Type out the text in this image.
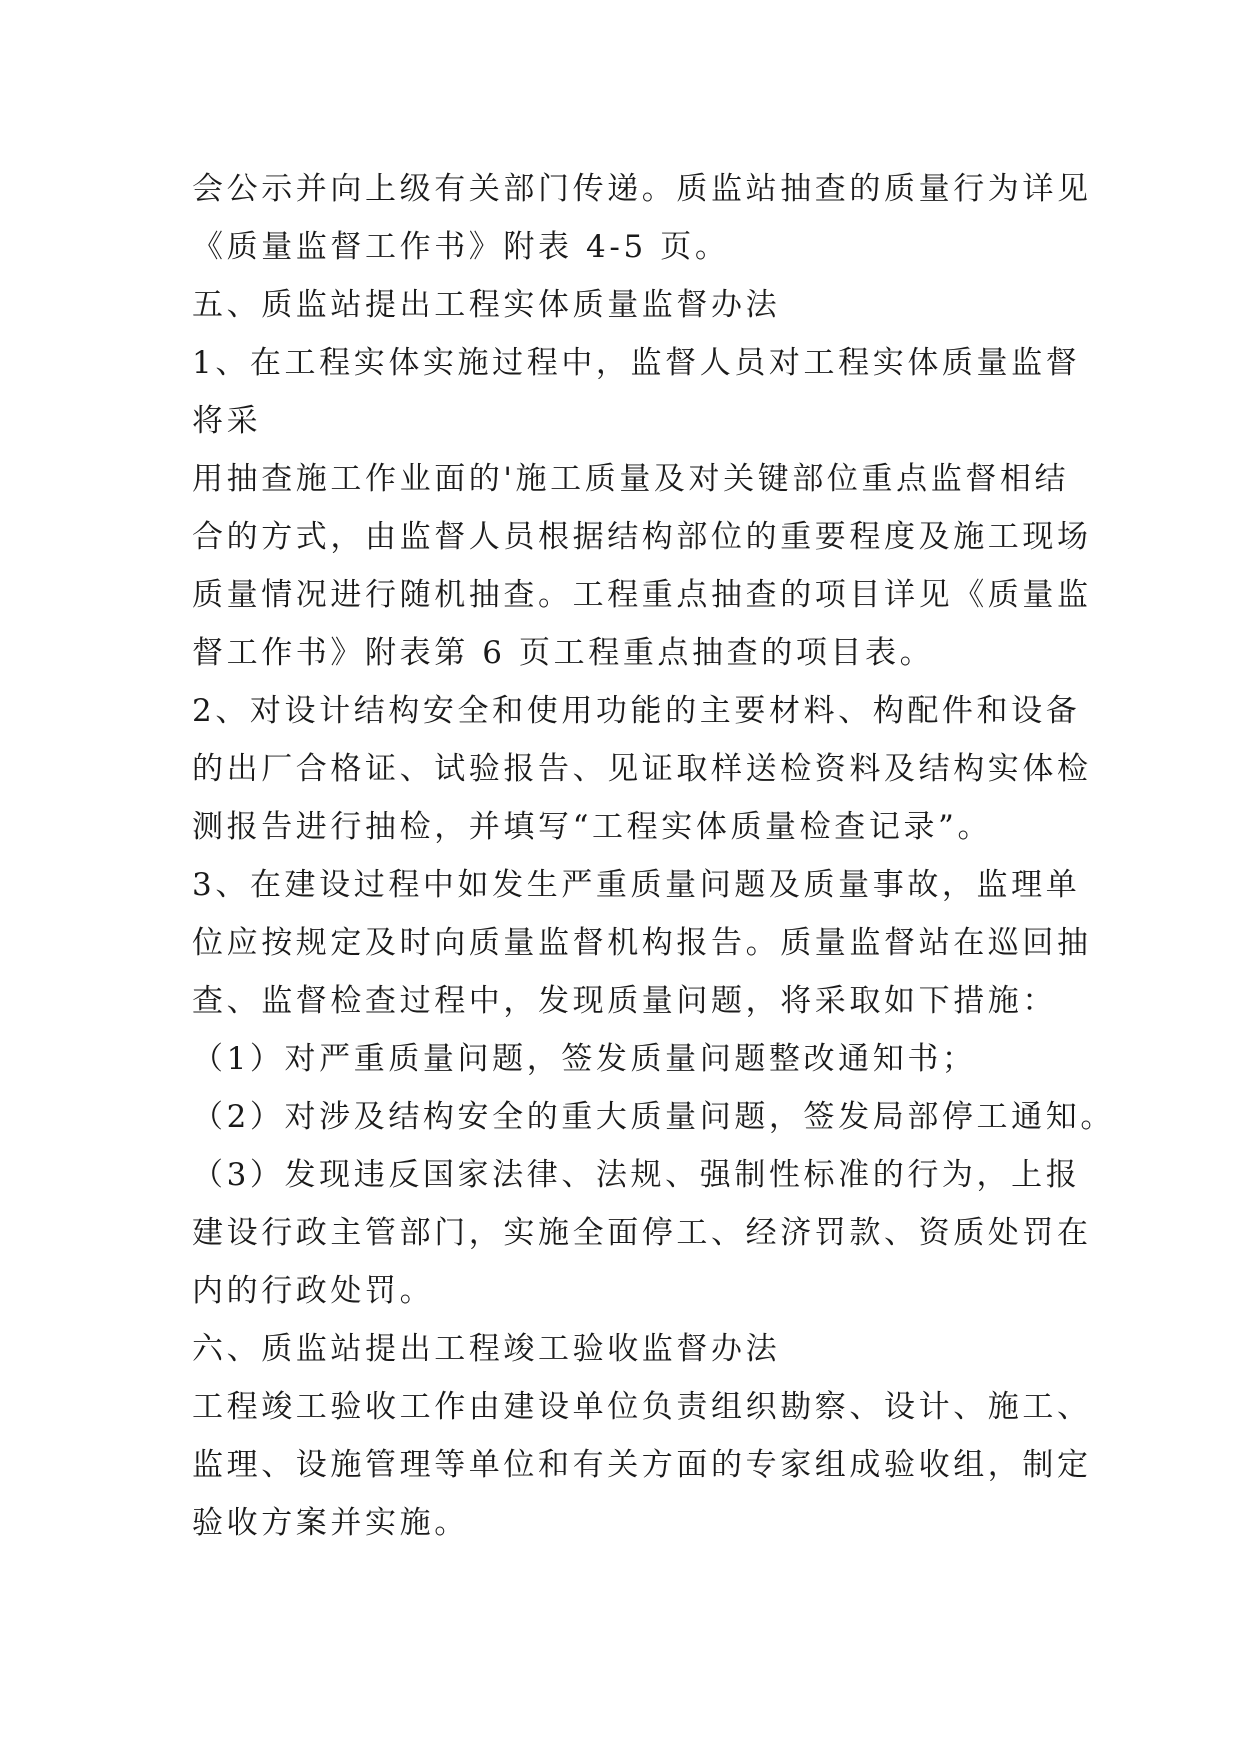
会公示并向上级有关部门传递。质监站抽查的质量行为详见
《质量监督工作书》附表 4-5 页。
五、质监站提出工程实体质量监督办法
1、在工程实体实施过程中，监督人员对工程实体质量监督
将采
用抽查施工作业面的'施工质量及对关键部位重点监督相结
合的方式，由监督人员根据结构部位的重要程度及施工现场
质量情况进行随机抽查。工程重点抽查的项目详见《质量监
督工作书》附表第 6 页工程重点抽查的项目表。
2、对设计结构安全和使用功能的主要材料、构配件和设备
的出厂合格证、试验报告、见证取样送检资料及结构实体检
测报告进行抽检，并填写“工程实体质量检查记录”。
3、在建设过程中如发生严重质量问题及质量事故，监理单
位应按规定及时向质量监督机构报告。质量监督站在巡回抽
查、监督检查过程中，发现质量问题，将采取如下措施：
（1）对严重质量问题，签发质量问题整改通知书；
（2）对涉及结构安全的重大质量问题，签发局部停工通知。
（3）发现违反国家法律、法规、强制性标准的行为，上报
建设行政主管部门，实施全面停工、经济罚款、资质处罚在
内的行政处罚。
六、质监站提出工程竣工验收监督办法
工程竣工验收工作由建设单位负责组织勘察、设计、施工、
监理、设施管理等单位和有关方面的专家组成验收组，制定
验收方案并实施。
